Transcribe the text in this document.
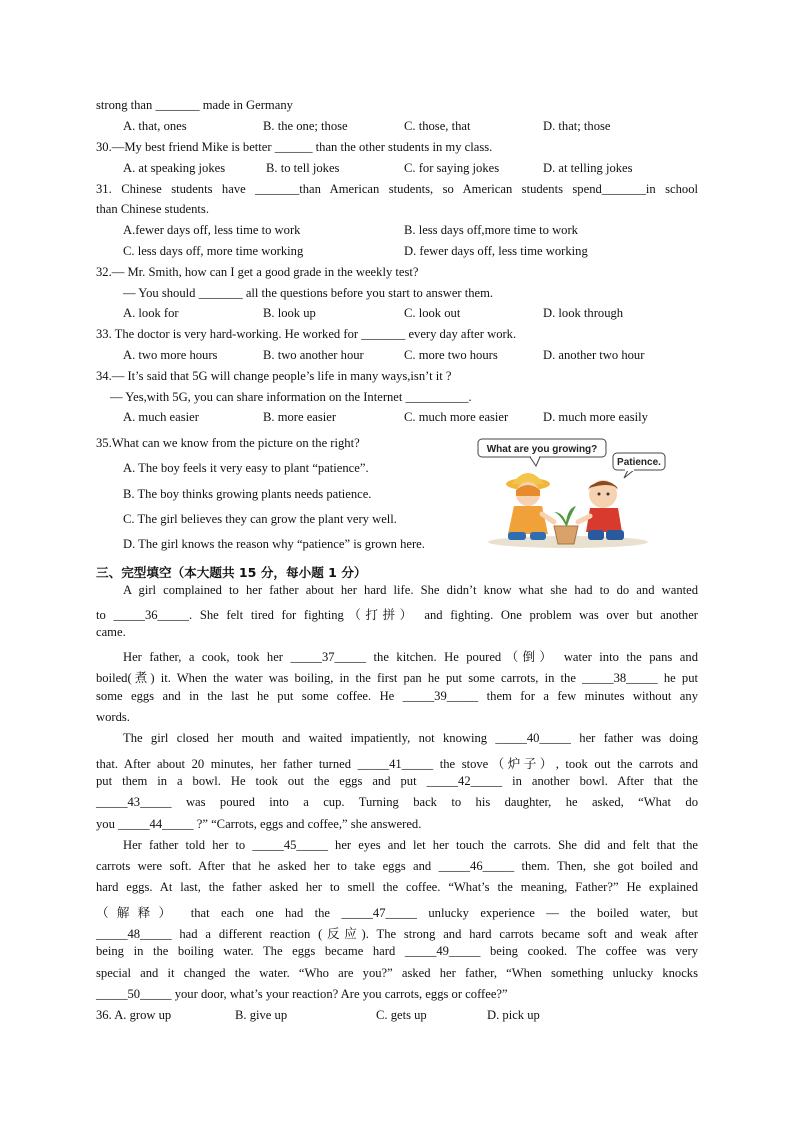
strong than _______ made in Germany
A. that, ones	B. the one; those	C. those, that	D. that; those
30.—My best friend Mike is better ______ than the other students in my class.
A. at speaking jokes	B. to tell jokes	C. for saying jokes	D. at telling jokes
31. Chinese students have _______than American students, so American students spend_______in school
than Chinese students.
A.fewer days off, less time to work	B. less days off,more time to work
C. less days off, more time working	D. fewer days off, less time working
32.— Mr. Smith, how can I get a good grade in the weekly test?
— You should _______ all the questions before you start to answer them.
A. look for	B. look up	C. look out	D. look through
33. The doctor is very hard-working. He worked for _______ every day after work.
A. two more hours	B. two another hour	C. more two hours	D. another two hour
34.— It’s said that 5G will change people’s life in many ways,isn’t it ?
— Yes,with 5G, you can share information on the Internet __________.
A. much easier	B. more easier	C. much more easier	D. much more easily
35.What can we know from the picture on the right?
A. The boy feels it very easy to plant “patience”.
B. The boy thinks growing plants needs patience.
C. The girl believes they can grow the plant very well.
D. The girl knows the reason why “patience” is grown here.
What are you growing?
Patience.
三、完型填空（本大题共 15 分，每小题 1 分）
A girl complained to her father about her hard life. She didn’t know what she had to do and wanted
to _____36_____. She felt tired for fighting（打拼） and fighting. One problem was over but another
came.
Her father, a cook, took her _____37_____ the kitchen. He poured（倒） water into the pans and
boiled(煮) it. When the water was boiling, in the first pan he put some carrots, in the _____38_____ he put
some eggs and in the last he put some coffee. He _____39_____ them for a few minutes without any
words.
The girl closed her mouth and waited impatiently, not knowing _____40_____ her father was doing
that. After about 20 minutes, her father turned _____41_____ the stove（炉子）, took out the carrots and
put them in a bowl. He took out the eggs and put _____42_____ in another bowl. After that the
_____43_____ was poured into a cup. Turning back to his daughter, he asked, “What do
you _____44_____ ?” “Carrots, eggs and coffee,” she answered.
Her father told her to _____45_____ her eyes and let her touch the carrots. She did and felt that the
carrots were soft. After that he asked her to take eggs and _____46_____ them. Then, she got boiled and
hard eggs. At last, the father asked her to smell the coffee. “What’s the meaning, Father?” He explained
（解释） that each one had the _____47_____ unlucky experience — the boiled water, but
_____48_____ had a different reaction (反应). The strong and hard carrots became soft and weak after
being in the boiling water. The eggs became hard _____49_____ being cooked. The coffee was very
special and it changed the water. “Who are you?” asked her father, “When something unlucky knocks
_____50_____ your door, what’s your reaction? Are you carrots, eggs or coffee?”
36. A. grow up	B. give up	C. gets up	D. pick up
